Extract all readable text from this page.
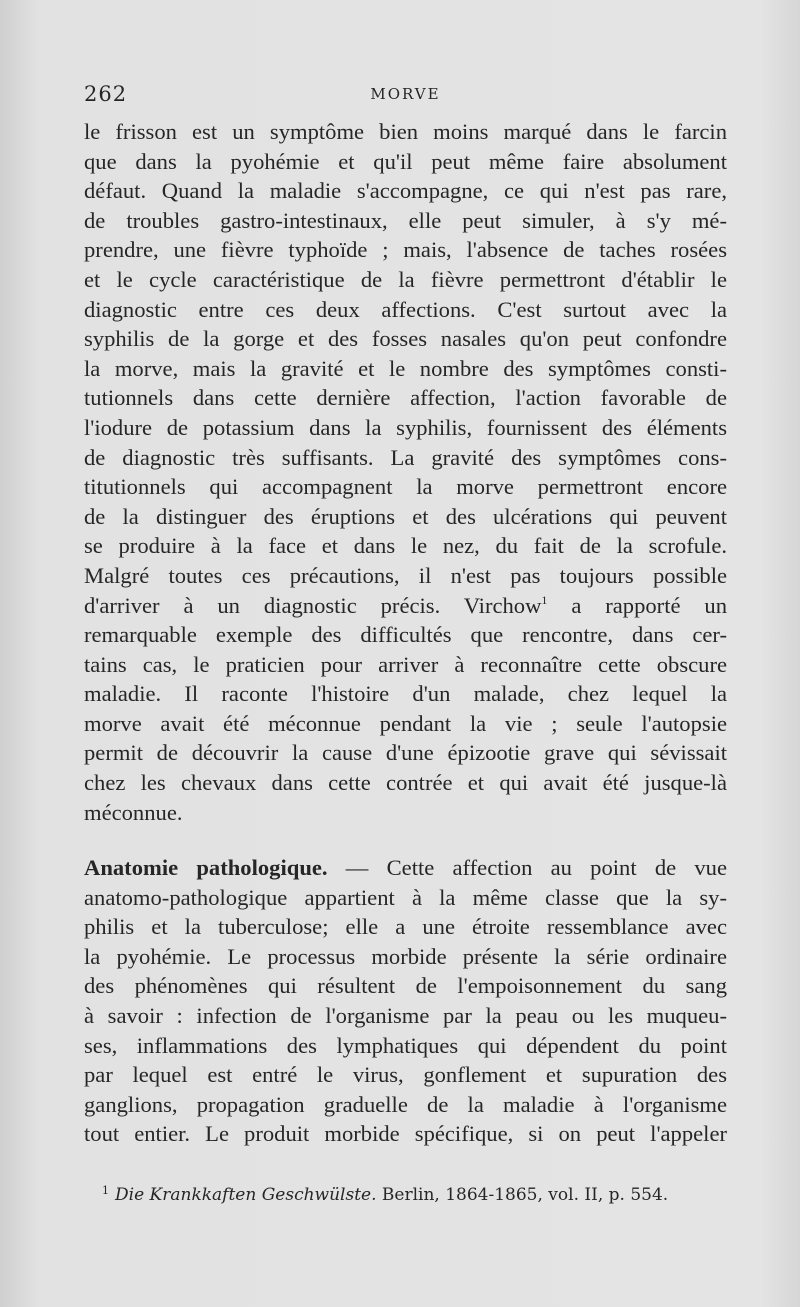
262	MORVE
le frisson est un symptôme bien moins marqué dans le farcin
que dans la pyohémie et qu'il peut même faire absolument
défaut. Quand la maladie s'accompagne, ce qui n'est pas rare,
de troubles gastro-intestinaux, elle peut simuler, à s'y mé-
prendre, une fièvre typhoïde ; mais, l'absence de taches rosées
et le cycle caractéristique de la fièvre permettront d'établir le
diagnostic entre ces deux affections. C'est surtout avec la
syphilis de la gorge et des fosses nasales qu'on peut confondre
la morve, mais la gravité et le nombre des symptômes consti-
tutionnels dans cette dernière affection, l'action favorable de
l'iodure de potassium dans la syphilis, fournissent des éléments
de diagnostic très suffisants. La gravité des symptômes cons-
titutionnels qui accompagnent la morve permettront encore
de la distinguer des éruptions et des ulcérations qui peuvent
se produire à la face et dans le nez, du fait de la scrofule.
Malgré toutes ces précautions, il n'est pas toujours possible
d'arriver à un diagnostic précis. Virchow$^1$ a rapporté un
remarquable exemple des difficultés que rencontre, dans cer-
tains cas, le praticien pour arriver à reconnaître cette obscure
maladie. Il raconte l'histoire d'un malade, chez lequel la
morve avait été méconnue pendant la vie ; seule l'autopsie
permit de découvrir la cause d'une épizootie grave qui sévissait
chez les chevaux dans cette contrée et qui avait été jusque-là
méconnue.
Anatomie pathologique. — Cette affection au point de vue
anatomo-pathologique appartient à la même classe que la sy-
philis et la tuberculose; elle a une étroite ressemblance avec
la pyohémie. Le processus morbide présente la série ordinaire
des phénomènes qui résultent de l'empoisonnement du sang
à savoir : infection de l'organisme par la peau ou les muqueu-
ses, inflammations des lymphatiques qui dépendent du point
par lequel est entré le virus, gonflement et supuration des
ganglions, propagation graduelle de la maladie à l'organisme
tout entier. Le produit morbide spécifique, si on peut l'appeler
$^1$ Die Krankkaften Geschwülste. Berlin, 1864-1865, vol. II, p. 554.
